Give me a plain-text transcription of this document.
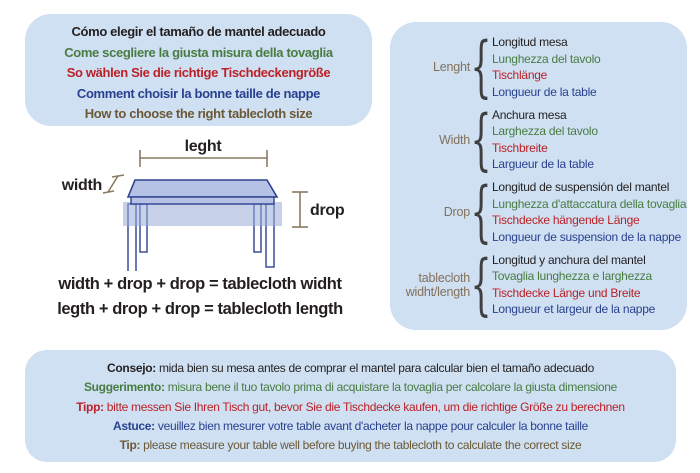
Cómo elegir el tamaño de mantel adecuado
Come scegliere la giusta misura della tovaglia
So wählen Sie die richtige Tischdeckengröße
Comment choisir la bonne taille de nappe
How to choose the right tablecloth size
leght
width
drop
width + drop + drop = tablecloth widht
legth + drop + drop = tablecloth length
Lenght { Longitud mesa
Lunghezza del tavolo
Tischlänge
Longueur de la table
Width { Anchura mesa
Larghezza del tavolo
Tischbreite
Largueur de la table
Drop { Longitud de suspensión del mantel
Lunghezza d'attaccatura della tovaglia
Tischdecke hängende Länge
Longueur de suspension de la nappe
tablecloth widht/length { Longitud y anchura del mantel
Tovaglia lunghezza e larghezza
Tischdecke Länge und Breite
Longueur et largeur de la nappe
Consejo: mida bien su mesa antes de comprar el mantel para calcular bien el tamaño adecuado
Suggerimento: misura bene il tuo tavolo prima di acquistare la tovaglia per calcolare la giusta dimensione
Tipp: bitte messen Sie Ihren Tisch gut, bevor Sie die Tischdecke kaufen, um die richtige Größe zu berechnen
Astuce: veuillez bien mesurer votre table avant d'acheter la nappe pour calculer la bonne taille
Tip: please measure your table well before buying the tablecloth to calculate the correct size
